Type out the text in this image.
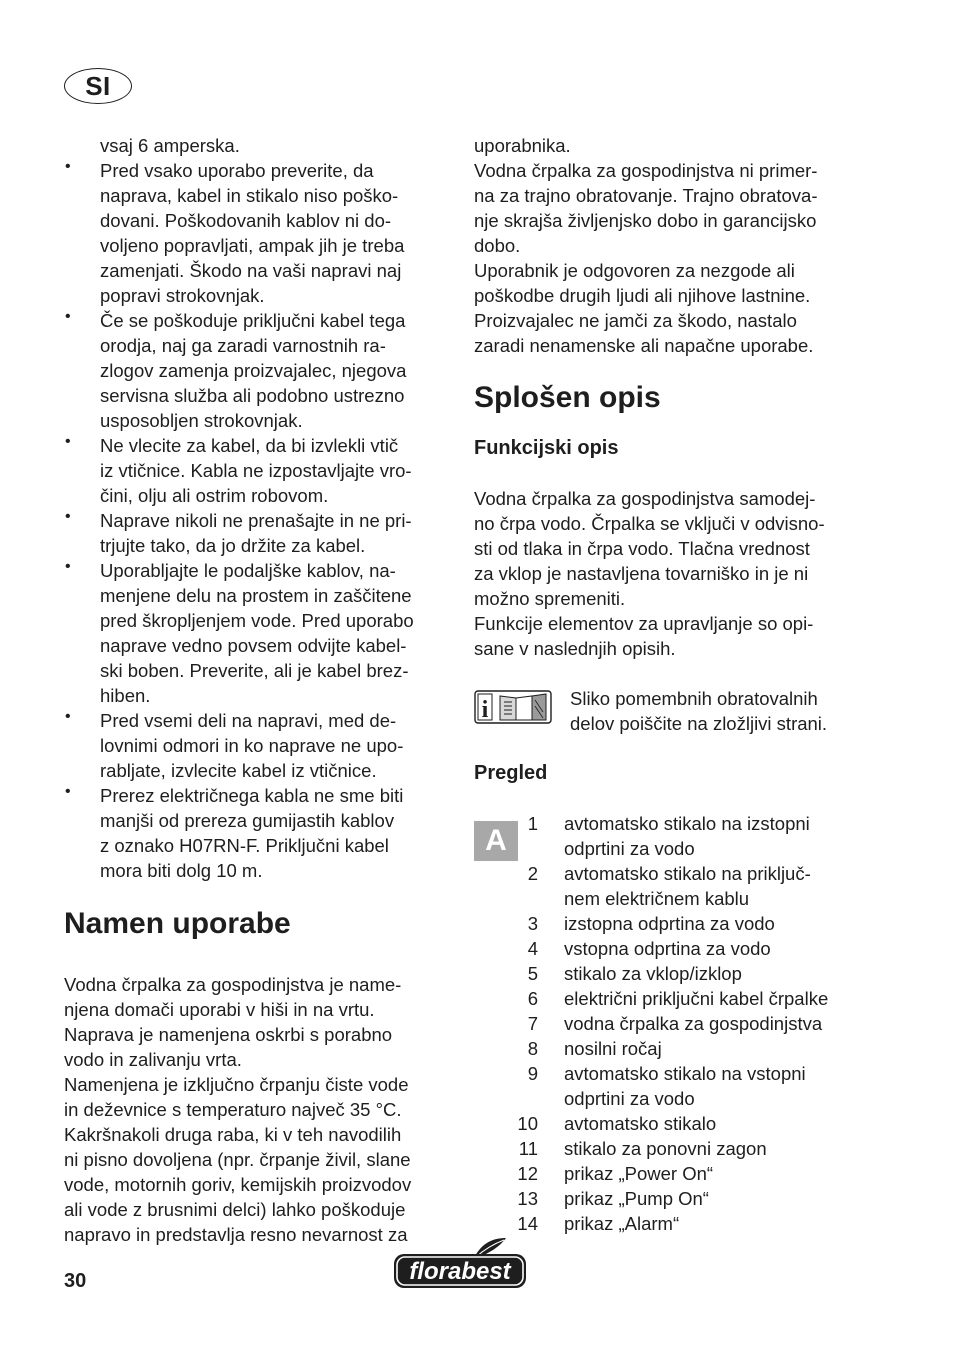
SI
vsaj 6 amperska.
• Pred vsako uporabo preverite, da
naprava, kabel in stikalo niso poško-
dovani. Poškodovanih kablov ni do-
voljeno popravljati, ampak jih je treba
zamenjati. Škodo na vaši napravi naj
popravi strokovnjak.
• Če se poškoduje priključni kabel tega
orodja, naj ga zaradi varnostnih ra-
zlogov zamenja proizvajalec, njegova
servisna služba ali podobno ustrezno
usposobljen strokovnjak.
• Ne vlecite za kabel, da bi izvlekli vtič
iz vtičnice. Kabla ne izpostavljajte vro-
čini, olju ali ostrim robovom.
• Naprave nikoli ne prenašajte in ne pri-
trjujte tako, da jo držite za kabel.
• Uporabljajte le podaljške kablov, na-
menjene delu na prostem in zaščitene
pred škropljenjem vode. Pred uporabo
naprave vedno povsem odvijte kabel-
ski boben. Preverite, ali je kabel brez-
hiben.
• Pred vsemi deli na napravi, med de-
lovnimi odmori in ko naprave ne upo-
rabljate, izvlecite kabel iz vtičnice.
• Prerez električnega kabla ne sme biti
manjši od prereza gumijastih kablov
z oznako H07RN-F. Priključni kabel
mora biti dolg 10 m.
Namen uporabe
Vodna črpalka za gospodinjstva je name-
njena domači uporabi v hiši in na vrtu.
Naprava je namenjena oskrbi s porabno
vodo in zalivanju vrta.
Namenjena je izključno črpanju čiste vode
in deževnice s temperaturo največ 35 °C.
Kakršnakoli druga raba, ki v teh navodilih
ni pisno dovoljena (npr. črpanje živil, slane
vode, motornih goriv, kemijskih proizvodov
ali vode z brusnimi delci) lahko poškoduje
napravo in predstavlja resno nevarnost za
uporabnika.
Vodna črpalka za gospodinjstva ni primer-
na za trajno obratovanje. Trajno obratova-
nje skrajša življenjsko dobo in garancijsko
dobo.
Uporabnik je odgovoren za nezgode ali
poškodbe drugih ljudi ali njihove lastnine.
Proizvajalec ne jamči za škodo, nastalo
zaradi nenamenske ali napačne uporabe.
Splošen opis
Funkcijski opis
Vodna črpalka za gospodinjstva samodej-
no črpa vodo. Črpalka se vključi v odvisno-
sti od tlaka in črpa vodo. Tlačna vrednost
za vklop je nastavljena tovarniško in je ni
možno spremeniti.
Funkcije elementov za upravljanje so opi-
sane v naslednjih opisih.
i	Sliko pomembnih obratovalnih
delov poiščite na zložljivi strani.
Pregled
A
1 avtomatsko stikalo na izstopni
odprtini za vodo
2 avtomatsko stikalo na priključ-
nem električnem kablu
3 izstopna odprtina za vodo
4 vstopna odprtina za vodo
5 stikalo za vklop/izklop
6 električni priključni kabel črpalke
7 vodna črpalka za gospodinjstva
8 nosilni ročaj
9 avtomatsko stikalo na vstopni
odprtini za vodo
10 avtomatsko stikalo
11 stikalo za ponovni zagon
12 prikaz „Power On“
13 prikaz „Pump On“
14 prikaz „Alarm“
30	florabest
